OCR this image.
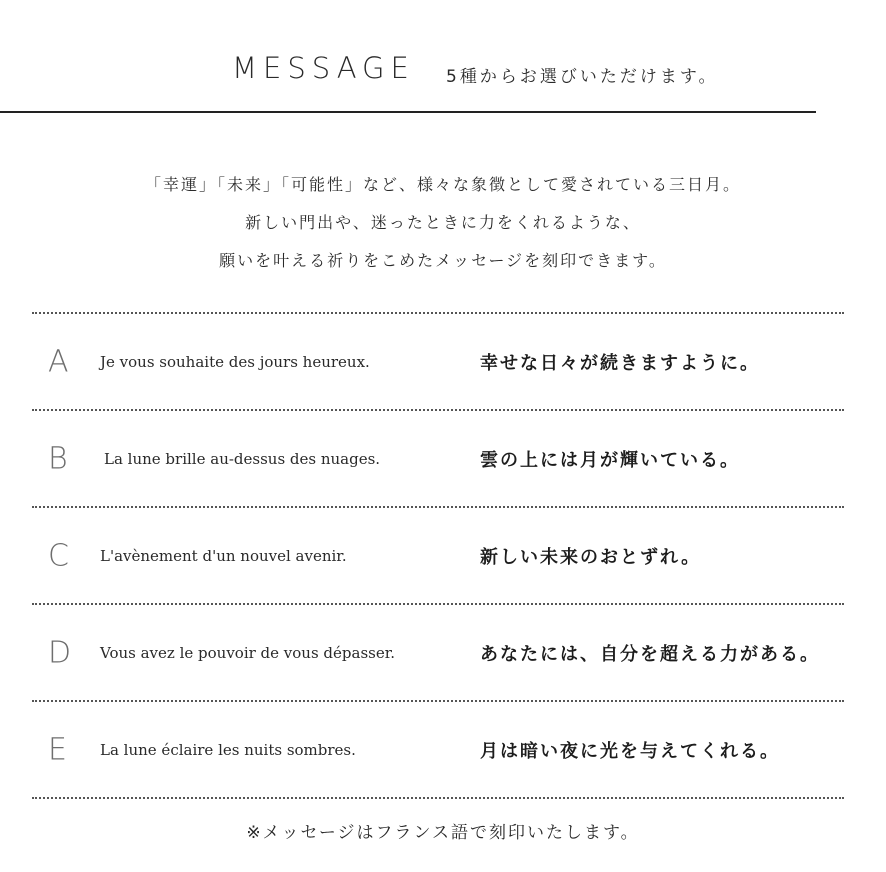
MESSAGE 5種からお選びいただけます。
「幸運」「未来」「可能性」など、様々な象徴として愛されている三日月。
新しい門出や、迷ったときに力をくれるような、
願いを叶える祈りをこめたメッセージを刻印できます。
A Je vous souhaite des jours heureux.	幸せな日々が続きますように。
B La lune brille au-dessus des nuages.	雲の上には月が輝いている。
C L'avènement d'un nouvel avenir.	新しい未来のおとずれ。
D Vous avez le pouvoir de vous dépasser.	あなたには、自分を超える力がある。
E La lune éclaire les nuits sombres.	月は暗い夜に光を与えてくれる。
※メッセージはフランス語で刻印いたします。
